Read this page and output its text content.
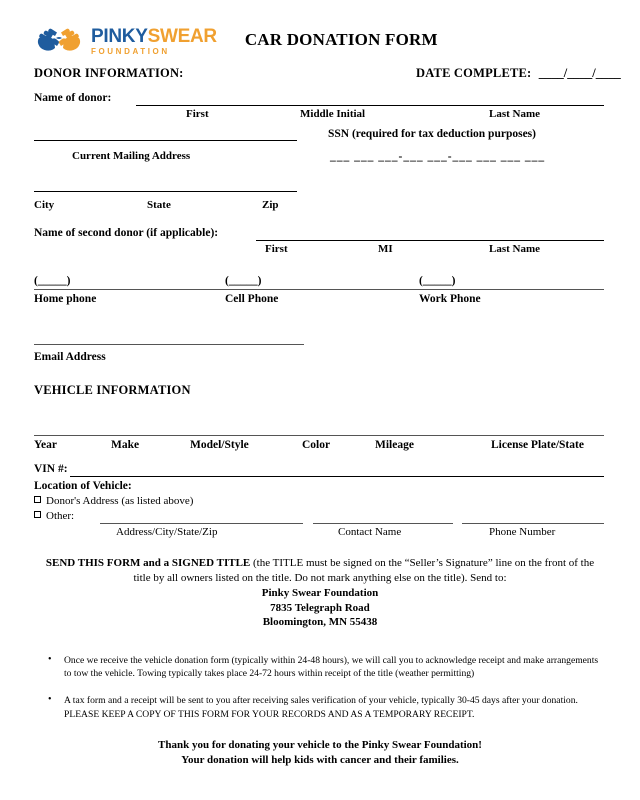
PINKYSWEAR
FOUNDATION
CAR DONATION FORM
DONOR INFORMATION:	DATE COMPLETE: ____/____/____
Name of donor:
First	Middle Initial	Last Name
SSN (required for tax deduction purposes)
Current Mailing Address	___ ___ ___-___ ___-___ ___ ___ ___
City	State	Zip
Name of second donor (if applicable):
First	MI	Last Name
(_____)	(_____)	(_____)
Home phone	Cell Phone	Work Phone
Email Address
VEHICLE INFORMATION
Year	Make	Model/Style	Color	Mileage	License Plate/State
VIN #:
Location of Vehicle:
Donor's Address (as listed above)
Other:
Address/City/State/Zip	Contact Name	Phone Number
SEND THIS FORM and a SIGNED TITLE (the TITLE must be signed on the “Seller’s Signature” line on the front of the title by all owners listed on the title. Do not mark anything else on the title). Send to:
Pinky Swear Foundation
7835 Telegraph Road
Bloomington, MN 55438
• Once we receive the vehicle donation form (typically within 24-48 hours), we will call you to acknowledge receipt and make arrangements to tow the vehicle. Towing typically takes place 24-72 hours within receipt of the title (weather permitting)
• A tax form and a receipt will be sent to you after receiving sales verification of your vehicle, typically 30-45 days after your donation. PLEASE KEEP A COPY OF THIS FORM FOR YOUR RECORDS AND AS A TEMPORARY RECEIPT.
Thank you for donating your vehicle to the Pinky Swear Foundation!
Your donation will help kids with cancer and their families.
